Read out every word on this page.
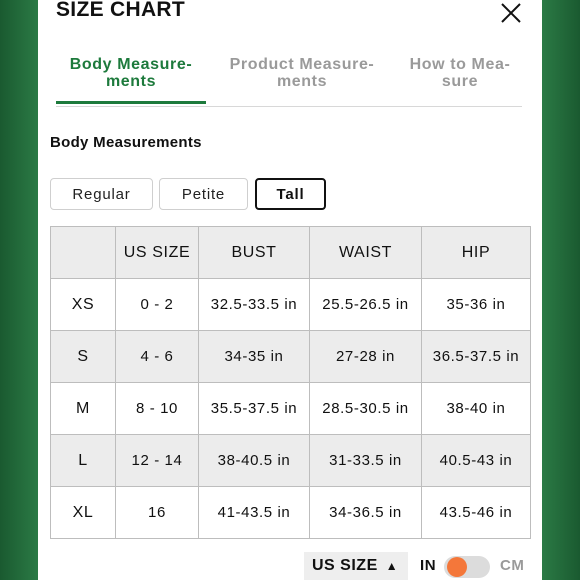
SIZE CHART
Body Measure-
ments
Product Measure-
ments
How to Mea-
sure
Body Measurements
Regular	Petite	Tall
	US SIZE	BUST	WAIST	HIP
XS	0 - 2	32.5-33.5 in	25.5-26.5 in	35-36 in
S	4 - 6	34-35 in	27-28 in	36.5-37.5 in
M	8 - 10	35.5-37.5 in	28.5-30.5 in	38-40 in
L	12 - 14	38-40.5 in	31-33.5 in	40.5-43 in
XL	16	41-43.5 in	34-36.5 in	43.5-46 in
US SIZE ▲ IN	CM
